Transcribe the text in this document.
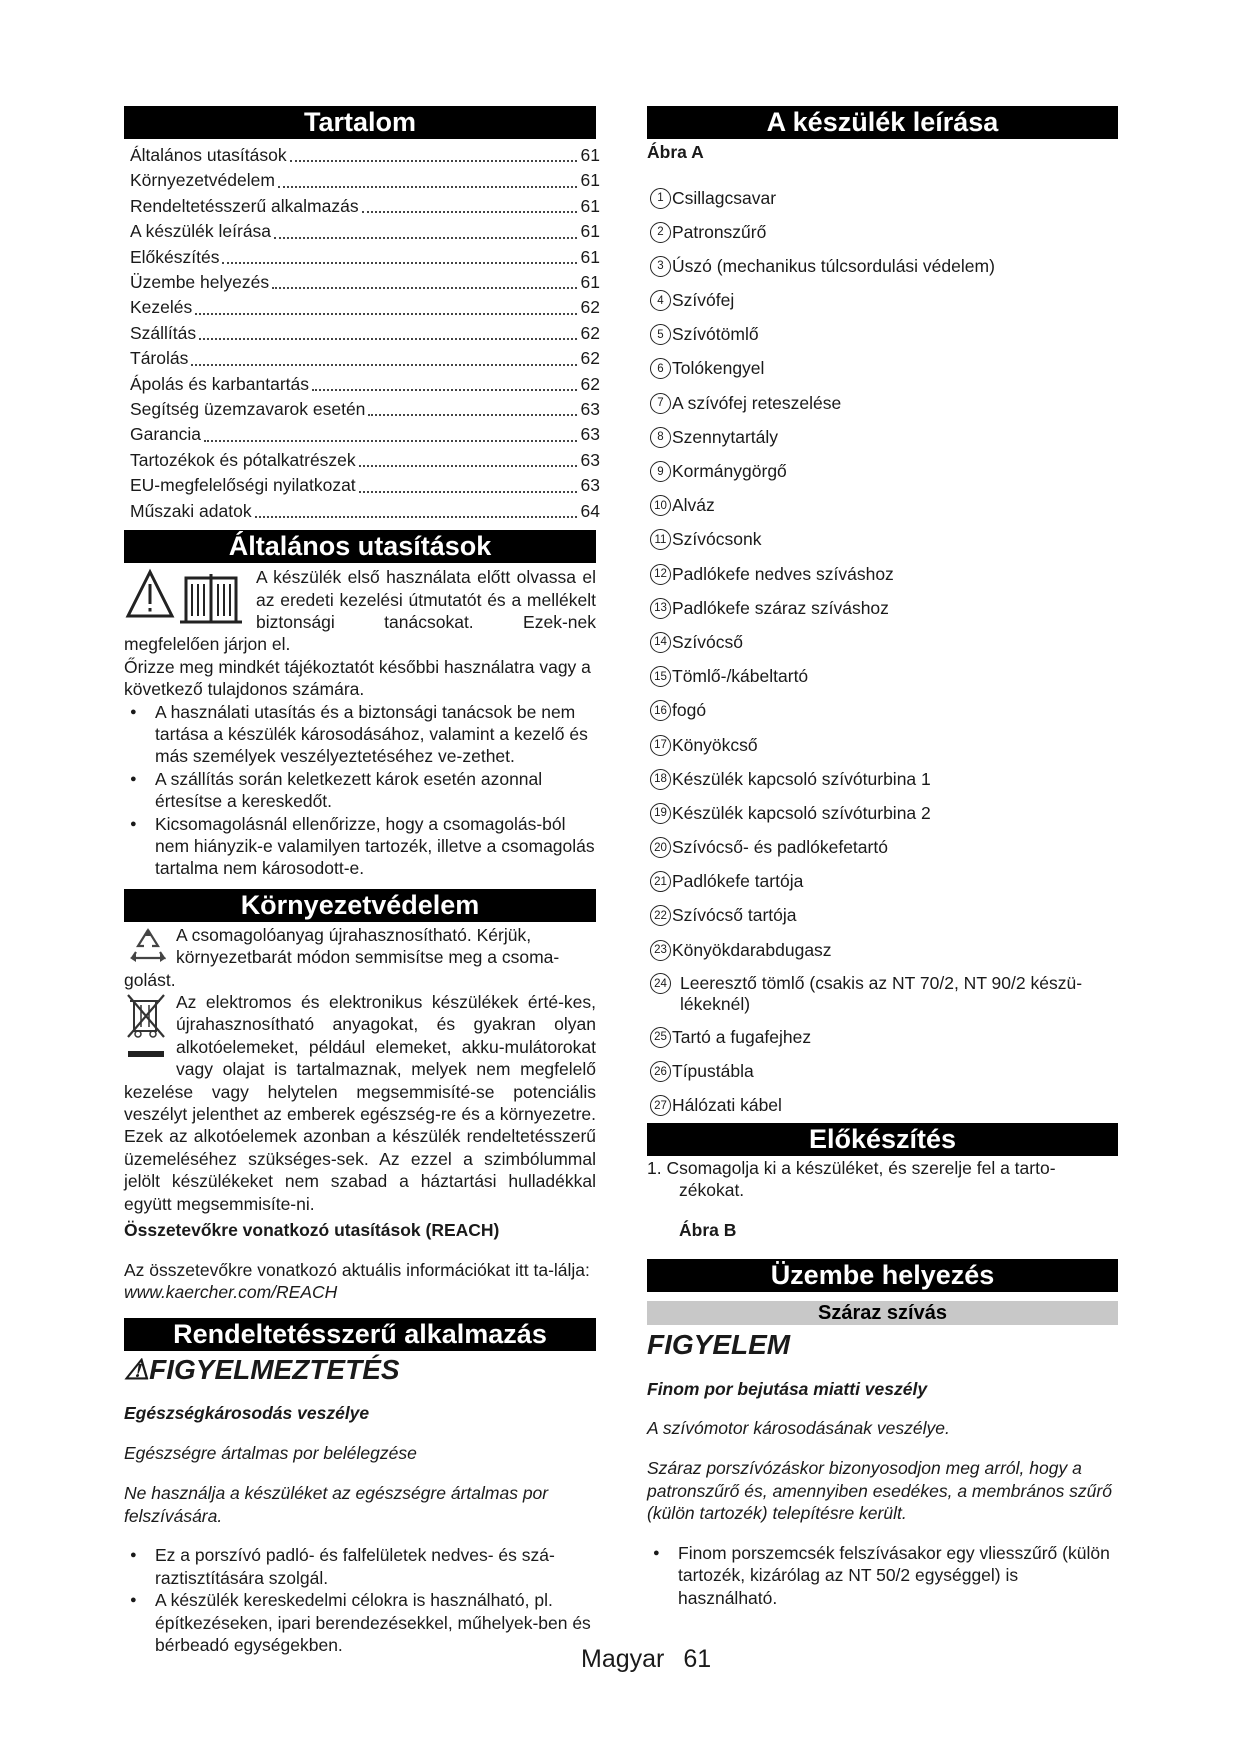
Tartalom
Általános utasítások	61
Környezetvédelem	61
Rendeltetésszerű alkalmazás	61
A készülék leírása	61
Előkészítés	61
Üzembe helyezés	61
Kezelés	62
Szállítás	62
Tárolás	62
Ápolás és karbantartás	62
Segítség üzemzavarok esetén	63
Garancia	63
Tartozékok és pótalkatrészek	63
EU-megfelelőségi nyilatkozat	63
Műszaki adatok	64
Általános utasítások

A készülék első használata előtt olvassa el az eredeti kezelési útmutatót és a mellékelt biztonsági tanácsokat. Ezek-nek megfelelően járjon el.

Őrizze meg mindkét tájékoztatót későbbi használatra vagy a következő tulajdonos számára.

● A használati utasítás és a biztonsági tanácsok be nem tartása a készülék károsodásához, valamint a kezelő és más személyek veszélyeztetéséhez ve-zethet.

● A szállítás során keletkezett károk esetén azonnal értesítse a kereskedőt.

● Kicsomagolásnál ellenőrizze, hogy a csomagolás-ból nem hiányzik-e valamilyen tartozék, illetve a csomagolás tartalma nem károsodott-e.

Környezetvédelem

A csomagolóanyag újrahasznosítható. Kérjük, környezetbarát módon semmisítse meg a csoma-golást.

Az elektromos és elektronikus készülékek érté-kes, újrahasznosítható anyagokat, és gyakran olyan alkotóelemeket, például elemeket, akku-mulátorokat vagy olajat is tartalmaznak, melyek nem megfelelő kezelése vagy helytelen megsemmisíté-se potenciális veszélyt jelenthet az emberek egészség-re és a környezetre. Ezek az alkotóelemek azonban a készülék rendeltetésszerű üzemeléséhez szükséges-sek. Az ezzel a szimbólummal jelölt készülékeket nem szabad a háztartási hulladékkal együtt megsemmisíte-ni.

Összetevőkre vonatkozó utasítások (REACH)

Az összetevőkre vonatkozó aktuális információkat itt ta-lálja: www.kaercher.com/REACH

Rendeltetésszerű alkalmazás
⚠FIGYELMEZTETÉS

Egészségkárosodás veszélye

Egészségre ártalmas por belélegzése

Ne használja a készüléket az egészségre ártalmas por felszívására.

● Ez a porszívó padló- és falfelületek nedves- és szá-raztisztítására szolgál.

● A készülék kereskedelmi célokra is használható, pl. építkezéseken, ipari berendezésekkel, műhelyek-ben és bérbeadó egységekben.

A készülék leírása

Ábra A

1 Csillagcsavar
2 Patronszűrő
3 Úszó (mechanikus túlcsordulási védelem)
4 Szívófej
5 Szívótömlő
6 Tolókengyel
7 A szívófej reteszelése
8 Szennytartály
9 Kormánygörgő
10 Alváz
11 Szívócsonk
12 Padlókefe nedves szíváshoz
13 Padlókefe száraz szíváshoz
14 Szívócső
15 Tömlő-/kábeltartó
16 fogó
17 Könyökcső
18 Készülék kapcsoló szívóturbina 1
19 Készülék kapcsoló szívóturbina 2
20 Szívócső- és padlókefetartó
21 Padlókefe tartója
22 Szívócső tartója
23 Könyökdarabdugasz
24 Leeresztő tömlő (csakis az NT 70/2, NT 90/2 készü-lékeknél)
25 Tartó a fugafejhez
26 Típustábla
27 Hálózati kábel
Előkészítés

1. Csomagolja ki a készüléket, és szerelje fel a tarto-zékokat.

Ábra B

Üzembe helyezés
Száraz szívás
FIGYELEM

Finom por bejutása miatti veszély

A szívómotor károsodásának veszélye.

Száraz porszívózáskor bizonyosodjon meg arról, hogy a patronszűrő és, amennyiben esedékes, a membrános szűrő (külön tartozék) telepítésre került.

● Finom porszemcsék felszívásakor egy vliesszűrő (külön tartozék, kizárólag az NT 50/2 egységgel) is használható.

Magyar 61
